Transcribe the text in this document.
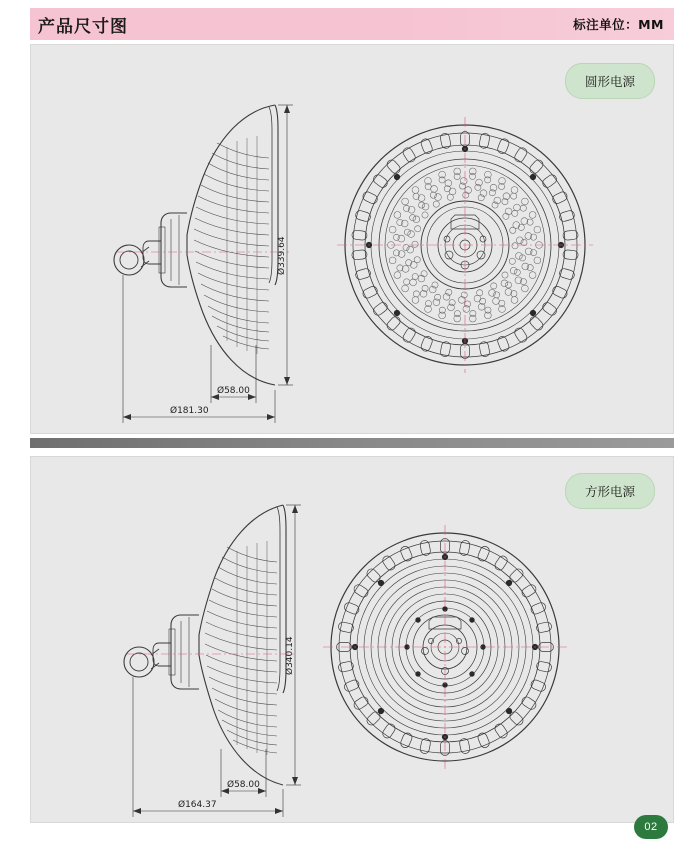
产品尺寸图	标注单位：MM
Ø339.64
Ø58.00
Ø181.30
圆形电源
Ø340.14
Ø58.00
Ø164.37
方形电源
02
